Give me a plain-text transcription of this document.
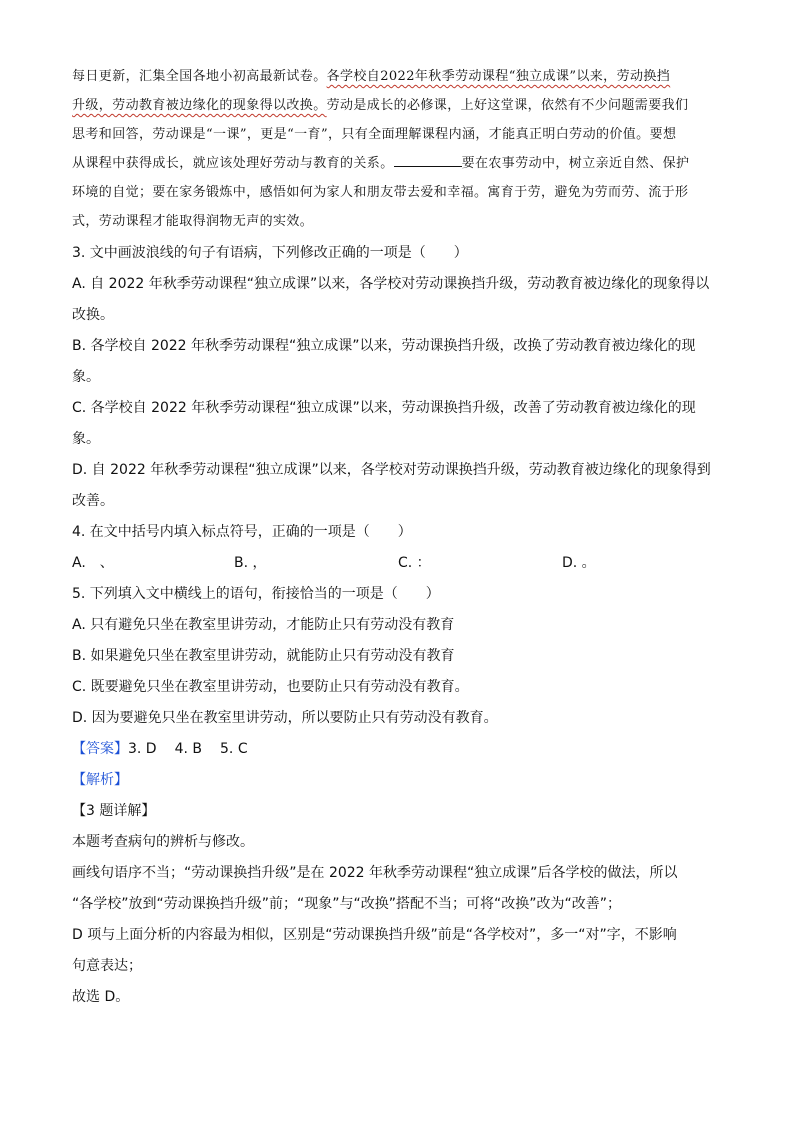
每日更新，汇集全国各地小初高最新试卷。各学校自2022年秋季劳动课程“独立成课”以来，劳动换挡

升级，劳动教育被边缘化的现象得以改换。劳动是成长的必修课，上好这堂课，依然有不少问题需要我们

思考和回答，劳动课是“一课”，更是“一育”，只有全面理解课程内涵，才能真正明白劳动的价值。要想

从课程中获得成长，就应该处理好劳动与教育的关系。	要在农事劳动中，树立亲近自然、保护

环境的自觉；要在家务锻炼中，感悟如何为家人和朋友带去爱和幸福。寓育于劳，避免为劳而劳、流于形

式，劳动课程才能取得润物无声的实效。

3. 文中画波浪线的句子有语病，下列修改正确的一项是（　　）

A. 自 2022 年秋季劳动课程“独立成课”以来，各学校对劳动课换挡升级，劳动教育被边缘化的现象得以

改换。

B. 各学校自 2022 年秋季劳动课程“独立成课”以来，劳动课换挡升级，改换了劳动教育被边缘化的现

象。

C. 各学校自 2022 年秋季劳动课程“独立成课”以来，劳动课换挡升级，改善了劳动教育被边缘化的现

象。

D. 自 2022 年秋季劳动课程“独立成课”以来，各学校对劳动课换挡升级，劳动教育被边缘化的现象得到

改善。

4. 在文中括号内填入标点符号，正确的一项是（　　）

A.　、	B. ，	C. ：	D. 。

5. 下列填入文中横线上的语句，衔接恰当的一项是（　　）

A. 只有避免只坐在教室里讲劳动，才能防止只有劳动没有教育

B. 如果避免只坐在教室里讲劳动，就能防止只有劳动没有教育

C. 既要避免只坐在教室里讲劳动，也要防止只有劳动没有教育。

D. 因为要避免只坐在教室里讲劳动，所以要防止只有劳动没有教育。

【答案】3. D 4. B 5. C

【解析】

【3 题详解】

本题考查病句的辨析与修改。

画线句语序不当；“劳动课换挡升级”是在 2022 年秋季劳动课程“独立成课”后各学校的做法，所以

“各学校”放到“劳动课换挡升级”前；“现象”与“改换”搭配不当；可将“改换”改为“改善”；

D 项与上面分析的内容最为相似，区别是“劳动课换挡升级”前是“各学校对”，多一“对”字，不影响

句意表达；

故选 D。
